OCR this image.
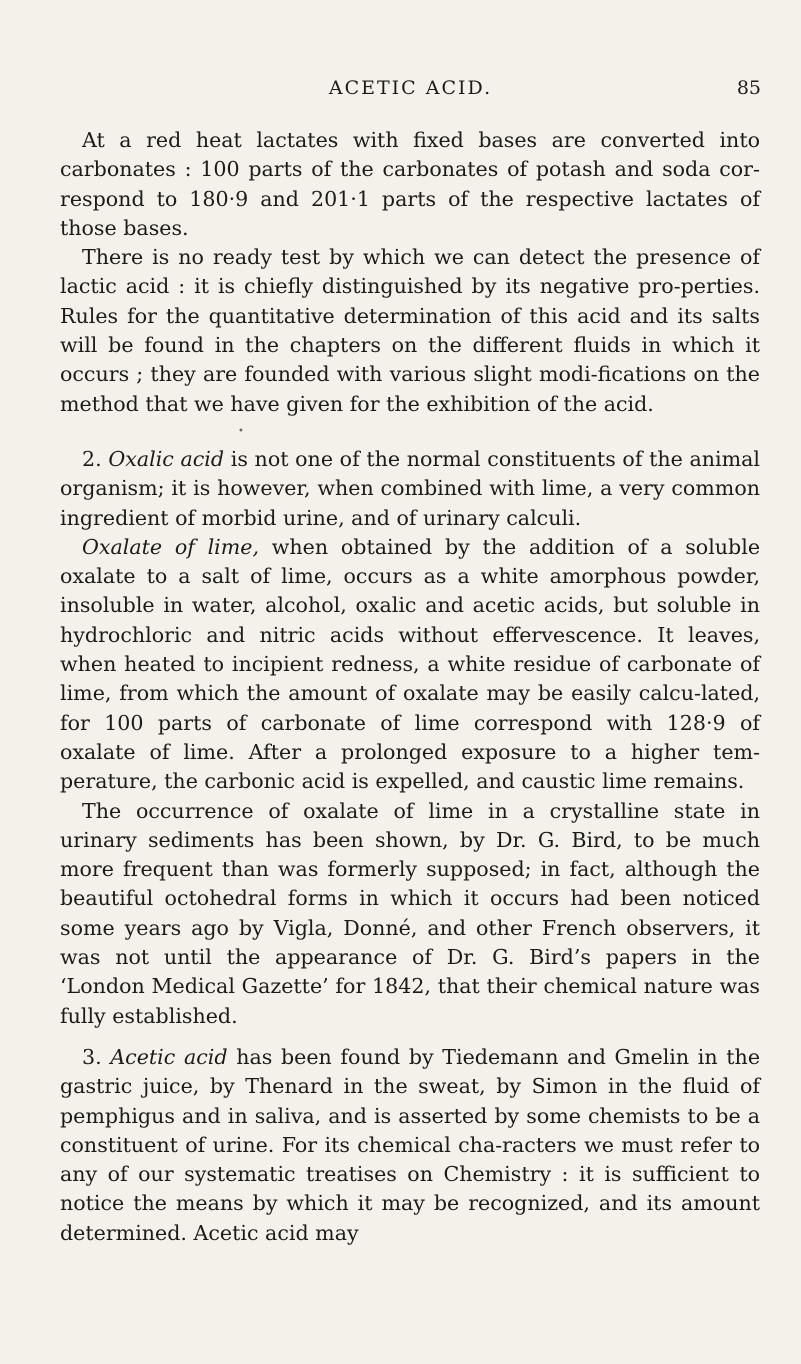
ACETIC ACID.	85

At a red heat lactates with fixed bases are converted into carbonates : 100 parts of the carbonates of potash and soda cor-respond to 180·9 and 201·1 parts of the respective lactates of those bases.

There is no ready test by which we can detect the presence of lactic acid : it is chiefly distinguished by its negative pro-perties. Rules for the quantitative determination of this acid and its salts will be found in the chapters on the different fluids in which it occurs ; they are founded with various slight modi-fications on the method that we have given for the exhibition of the acid.

•

2. Oxalic acid is not one of the normal constituents of the animal organism; it is however, when combined with lime, a very common ingredient of morbid urine, and of urinary calculi.

Oxalate of lime, when obtained by the addition of a soluble oxalate to a salt of lime, occurs as a white amorphous powder, insoluble in water, alcohol, oxalic and acetic acids, but soluble in hydrochloric and nitric acids without effervescence. It leaves, when heated to incipient redness, a white residue of carbonate of lime, from which the amount of oxalate may be easily calcu-lated, for 100 parts of carbonate of lime correspond with 128·9 of oxalate of lime. After a prolonged exposure to a higher tem-perature, the carbonic acid is expelled, and caustic lime remains.

The occurrence of oxalate of lime in a crystalline state in urinary sediments has been shown, by Dr. G. Bird, to be much more frequent than was formerly supposed; in fact, although the beautiful octohedral forms in which it occurs had been noticed some years ago by Vigla, Donné, and other French observers, it was not until the appearance of Dr. G. Bird’s papers in the ‘London Medical Gazette’ for 1842, that their chemical nature was fully established.

3. Acetic acid has been found by Tiedemann and Gmelin in the gastric juice, by Thenard in the sweat, by Simon in the fluid of pemphigus and in saliva, and is asserted by some chemists to be a constituent of urine. For its chemical cha-racters we must refer to any of our systematic treatises on Chemistry : it is sufficient to notice the means by which it may be recognized, and its amount determined. Acetic acid may
